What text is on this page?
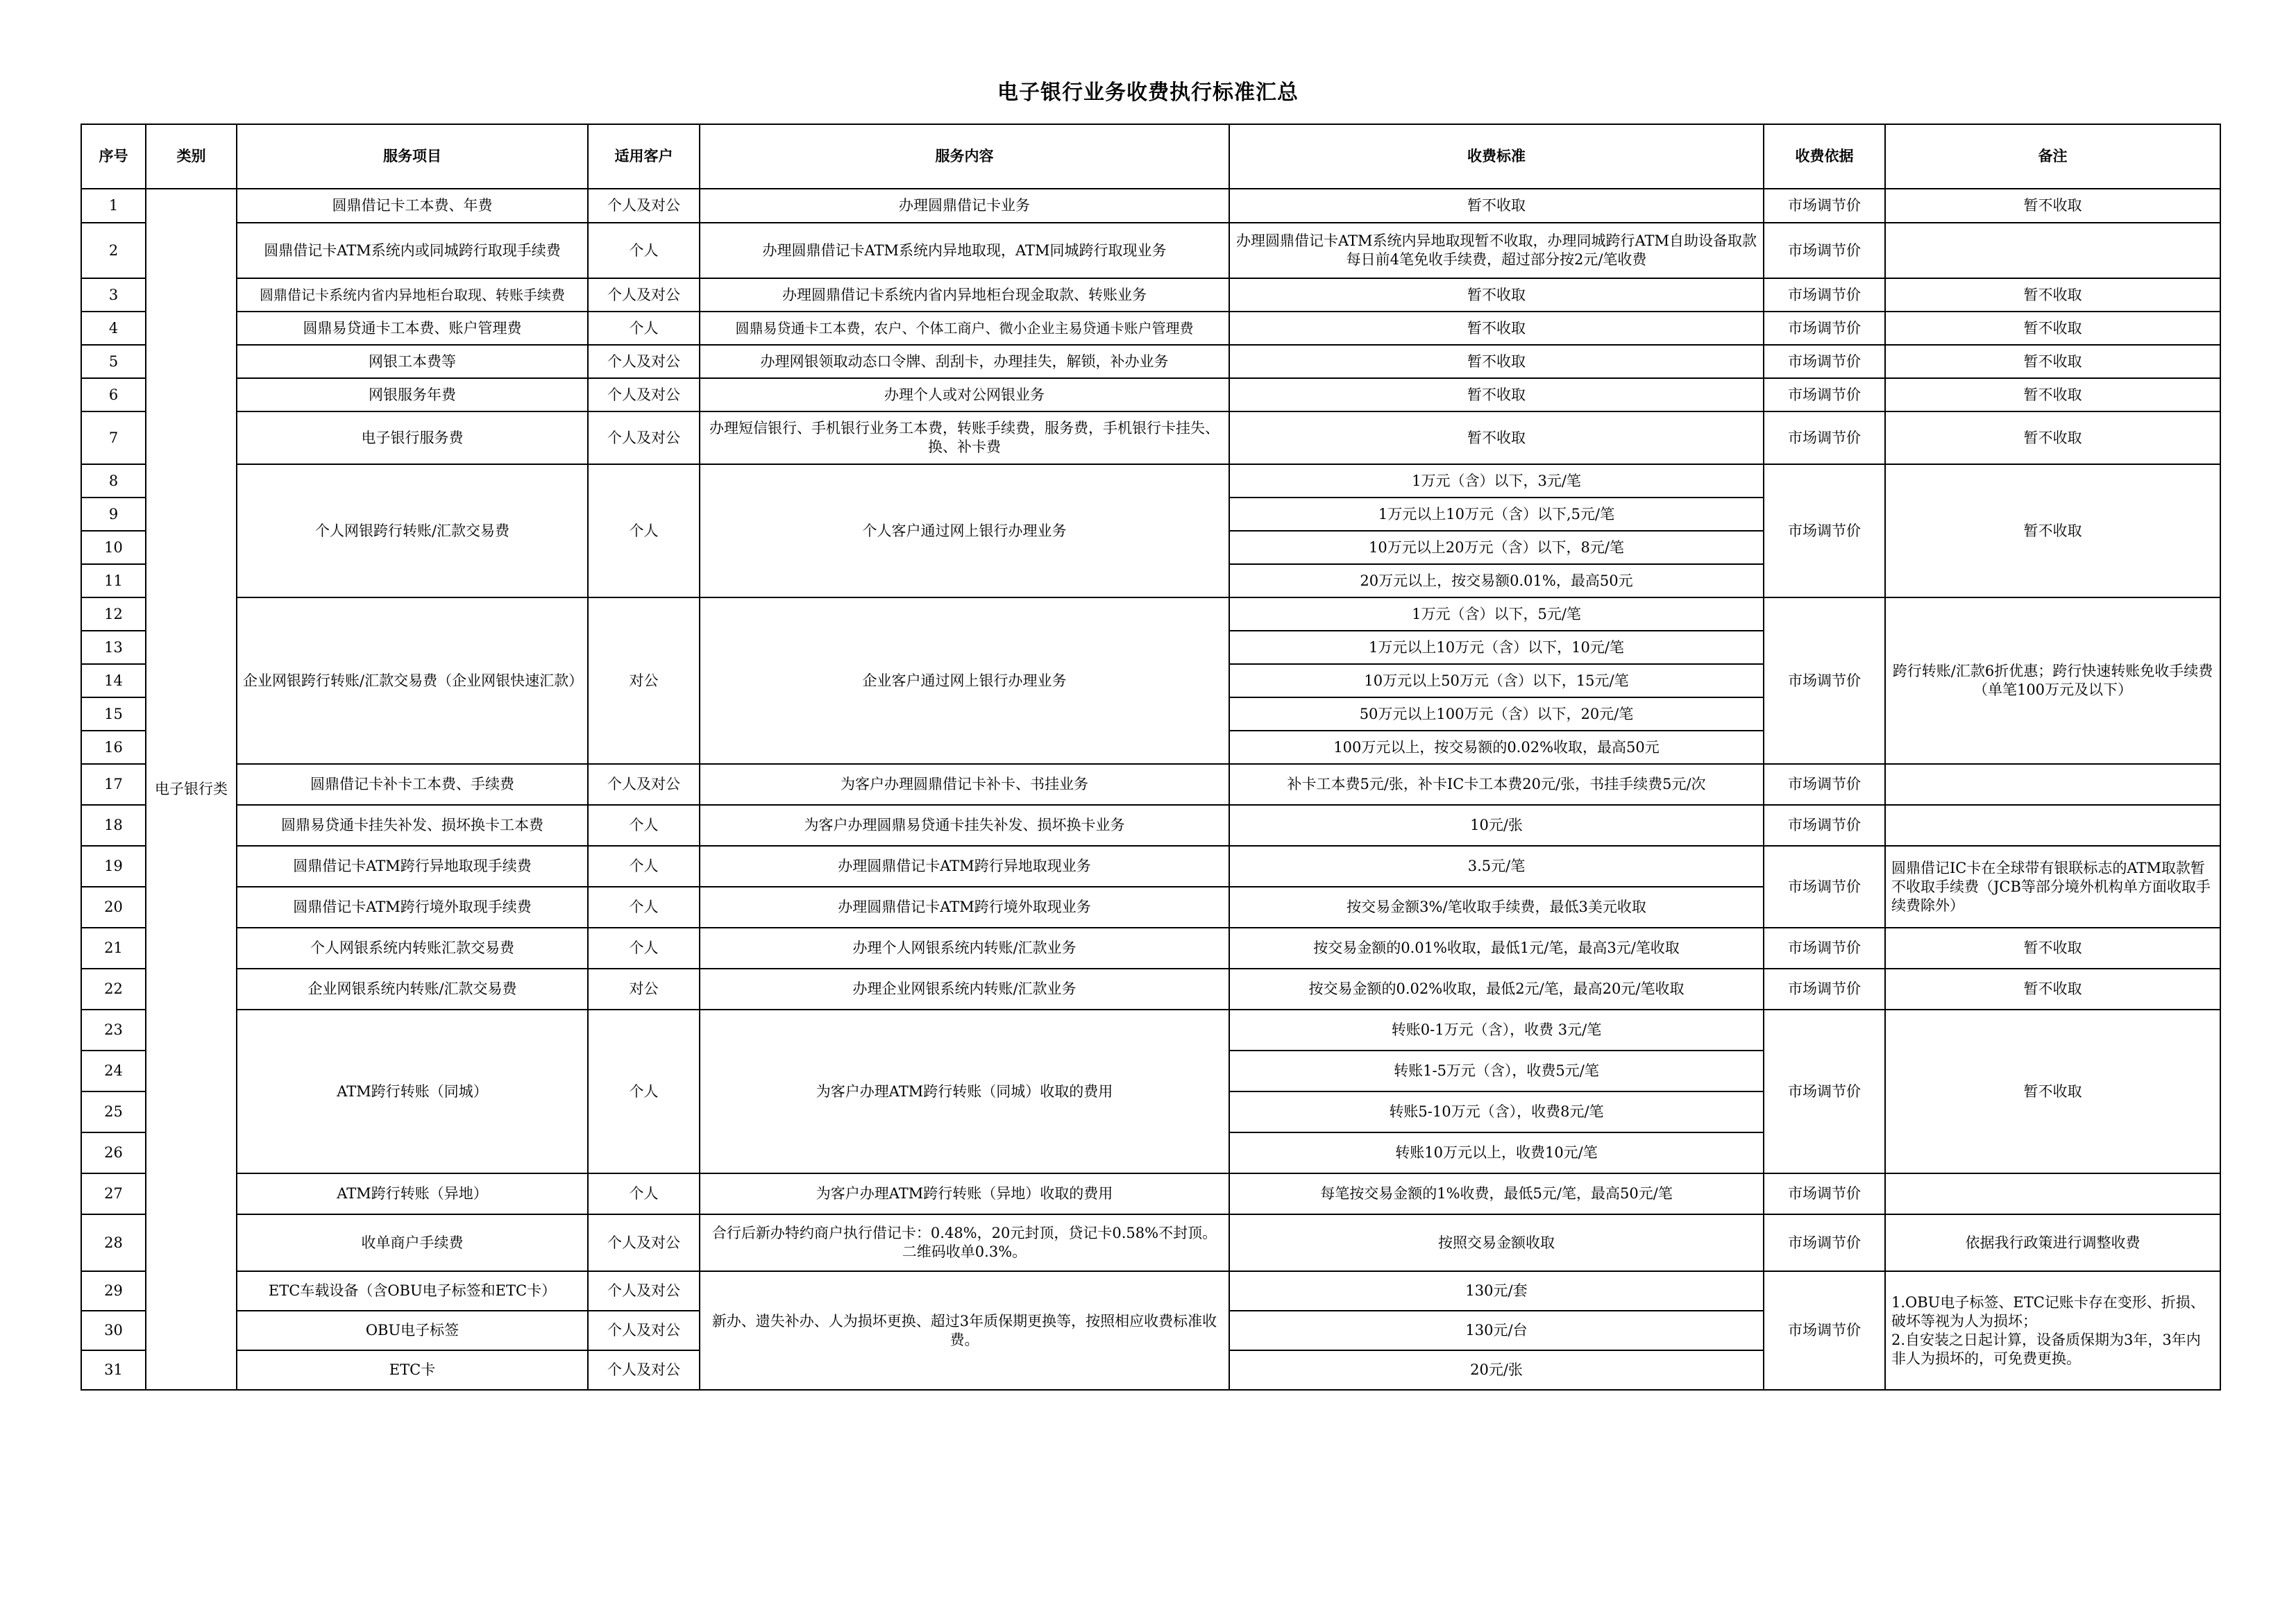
电子银行业务收费执行标准汇总
序号	类别	服务项目	适用客户	服务内容	收费标准	收费依据	备注
1	电子银行类	圆鼎借记卡工本费、年费	个人及对公	办理圆鼎借记卡业务	暂不收取	市场调节价	暂不收取
2		圆鼎借记卡ATM系统内或同城跨行取现手续费	个人	办理圆鼎借记卡ATM系统内异地取现，ATM同城跨行取现业务	办理圆鼎借记卡ATM系统内异地取现暂不收取，办理同城跨行ATM自助设备取款每日前4笔免收手续费，超过部分按2元/笔收费	市场调节价	
3		圆鼎借记卡系统内省内异地柜台取现、转账手续费	个人及对公	办理圆鼎借记卡系统内省内异地柜台现金取款、转账业务	暂不收取	市场调节价	暂不收取
4		圆鼎易贷通卡工本费、账户管理费	个人	圆鼎易贷通卡工本费，农户、个体工商户、微小企业主易贷通卡账户管理费	暂不收取	市场调节价	暂不收取
5		网银工本费等	个人及对公	办理网银领取动态口令牌、刮刮卡，办理挂失，解锁，补办业务	暂不收取	市场调节价	暂不收取
6		网银服务年费	个人及对公	办理个人或对公网银业务	暂不收取	市场调节价	暂不收取
7		电子银行服务费	个人及对公	办理短信银行、手机银行业务工本费，转账手续费，服务费，手机银行卡挂失、换、补卡费	暂不收取	市场调节价	暂不收取
8		个人网银跨行转账/汇款交易费	个人	个人客户通过网上银行办理业务	1万元（含）以下，3元/笔	市场调节价	暂不收取
9					1万元以上10万元（含）以下,5元/笔		
10					10万元以上20万元（含）以下，8元/笔		
11					20万元以上，按交易额0.01%，最高50元		
12		企业网银跨行转账/汇款交易费（企业网银快速汇款）	对公	企业客户通过网上银行办理业务	1万元（含）以下，5元/笔	市场调节价	跨行转账/汇款6折优惠；跨行快速转账免收手续费（单笔100万元及以下）
13					1万元以上10万元（含）以下，10元/笔		
14					10万元以上50万元（含）以下，15元/笔		
15					50万元以上100万元（含）以下，20元/笔		
16					100万元以上，按交易额的0.02%收取，最高50元		
17		圆鼎借记卡补卡工本费、手续费	个人及对公	为客户办理圆鼎借记卡补卡、书挂业务	补卡工本费5元/张，补卡IC卡工本费20元/张，书挂手续费5元/次	市场调节价	
18		圆鼎易贷通卡挂失补发、损坏换卡工本费	个人	为客户办理圆鼎易贷通卡挂失补发、损坏换卡业务	10元/张	市场调节价	
19		圆鼎借记卡ATM跨行异地取现手续费	个人	办理圆鼎借记卡ATM跨行异地取现业务	3.5元/笔	市场调节价	圆鼎借记IC卡在全球带有银联标志的ATM取款暂不收取手续费（JCB等部分境外机构单方面收取手续费除外）
20		圆鼎借记卡ATM跨行境外取现手续费	个人	办理圆鼎借记卡ATM跨行境外取现业务	按交易金额3%/笔收取手续费，最低3美元收取		
21		个人网银系统内转账汇款交易费	个人	办理个人网银系统内转账/汇款业务	按交易金额的0.01%收取，最低1元/笔，最高3元/笔收取	市场调节价	暂不收取
22		企业网银系统内转账/汇款交易费	对公	办理企业网银系统内转账/汇款业务	按交易金额的0.02%收取，最低2元/笔，最高20元/笔收取	市场调节价	暂不收取
23		ATM跨行转账（同城）	个人	为客户办理ATM跨行转账（同城）收取的费用	转账0-1万元（含），收费 3元/笔	市场调节价	暂不收取
24					转账1-5万元（含），收费5元/笔		
25					转账5-10万元（含），收费8元/笔		
26					转账10万元以上，收费10元/笔		
27		ATM跨行转账（异地）	个人	为客户办理ATM跨行转账（异地）收取的费用	每笔按交易金额的1%收费，最低5元/笔，最高50元/笔	市场调节价	
28		收单商户手续费	个人及对公	合行后新办特约商户执行借记卡：0.48%，20元封顶，贷记卡0.58%不封顶。二维码收单0.3%。	按照交易金额收取	市场调节价	依据我行政策进行调整收费
29		ETC车载设备（含OBU电子标签和ETC卡）	个人及对公	新办、遗失补办、人为损坏更换、超过3年质保期更换等，按照相应收费标准收费。	130元/套	市场调节价	1.OBU电子标签、ETC记账卡存在变形、折损、破坏等视为人为损坏；
2.自安装之日起计算，设备质保期为3年，3年内非人为损坏的，可免费更换。
30		OBU电子标签	个人及对公		130元/台		
31		ETC卡	个人及对公		20元/张		
